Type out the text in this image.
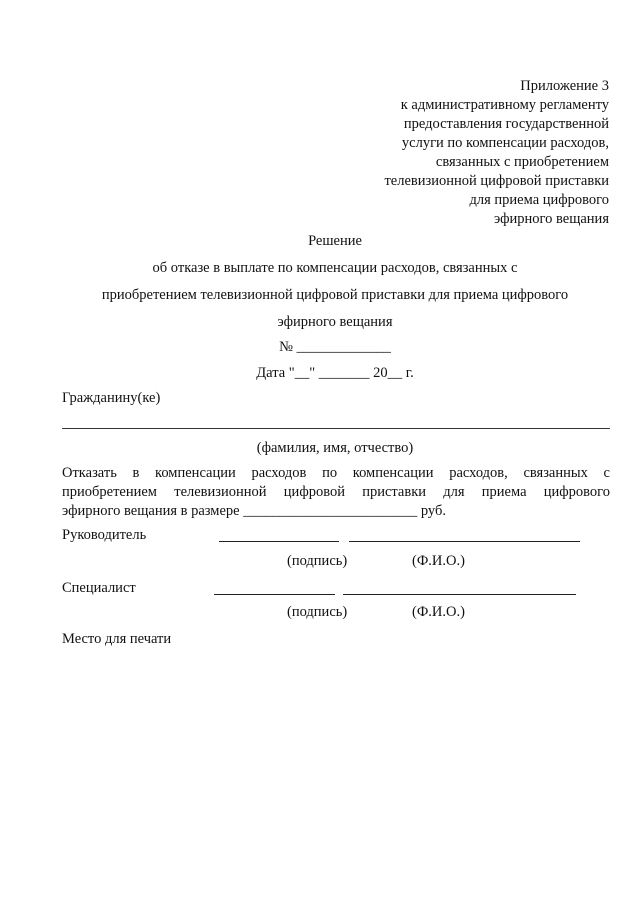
Приложение 3
к административному регламенту
предоставления государственной
услуги по компенсации расходов,
связанных с приобретением
телевизионной цифровой приставки
для приема цифрового
эфирного вещания
Решение
об отказе в выплате по компенсации расходов, связанных с
приобретением телевизионной цифровой приставки для приема цифрового
эфирного вещания
№ _____________
Дата "__" _______ 20__ г.
Гражданину(ке)
(фамилия, имя, отчество)
Отказать в компенсации расходов по компенсации расходов, связанных с
приобретением телевизионной цифровой приставки для приема цифрового
эфирного вещания в размере ________________________ руб.
Руководитель
(подпись)	(Ф.И.О.)
Специалист
(подпись)	(Ф.И.О.)
Место для печати
